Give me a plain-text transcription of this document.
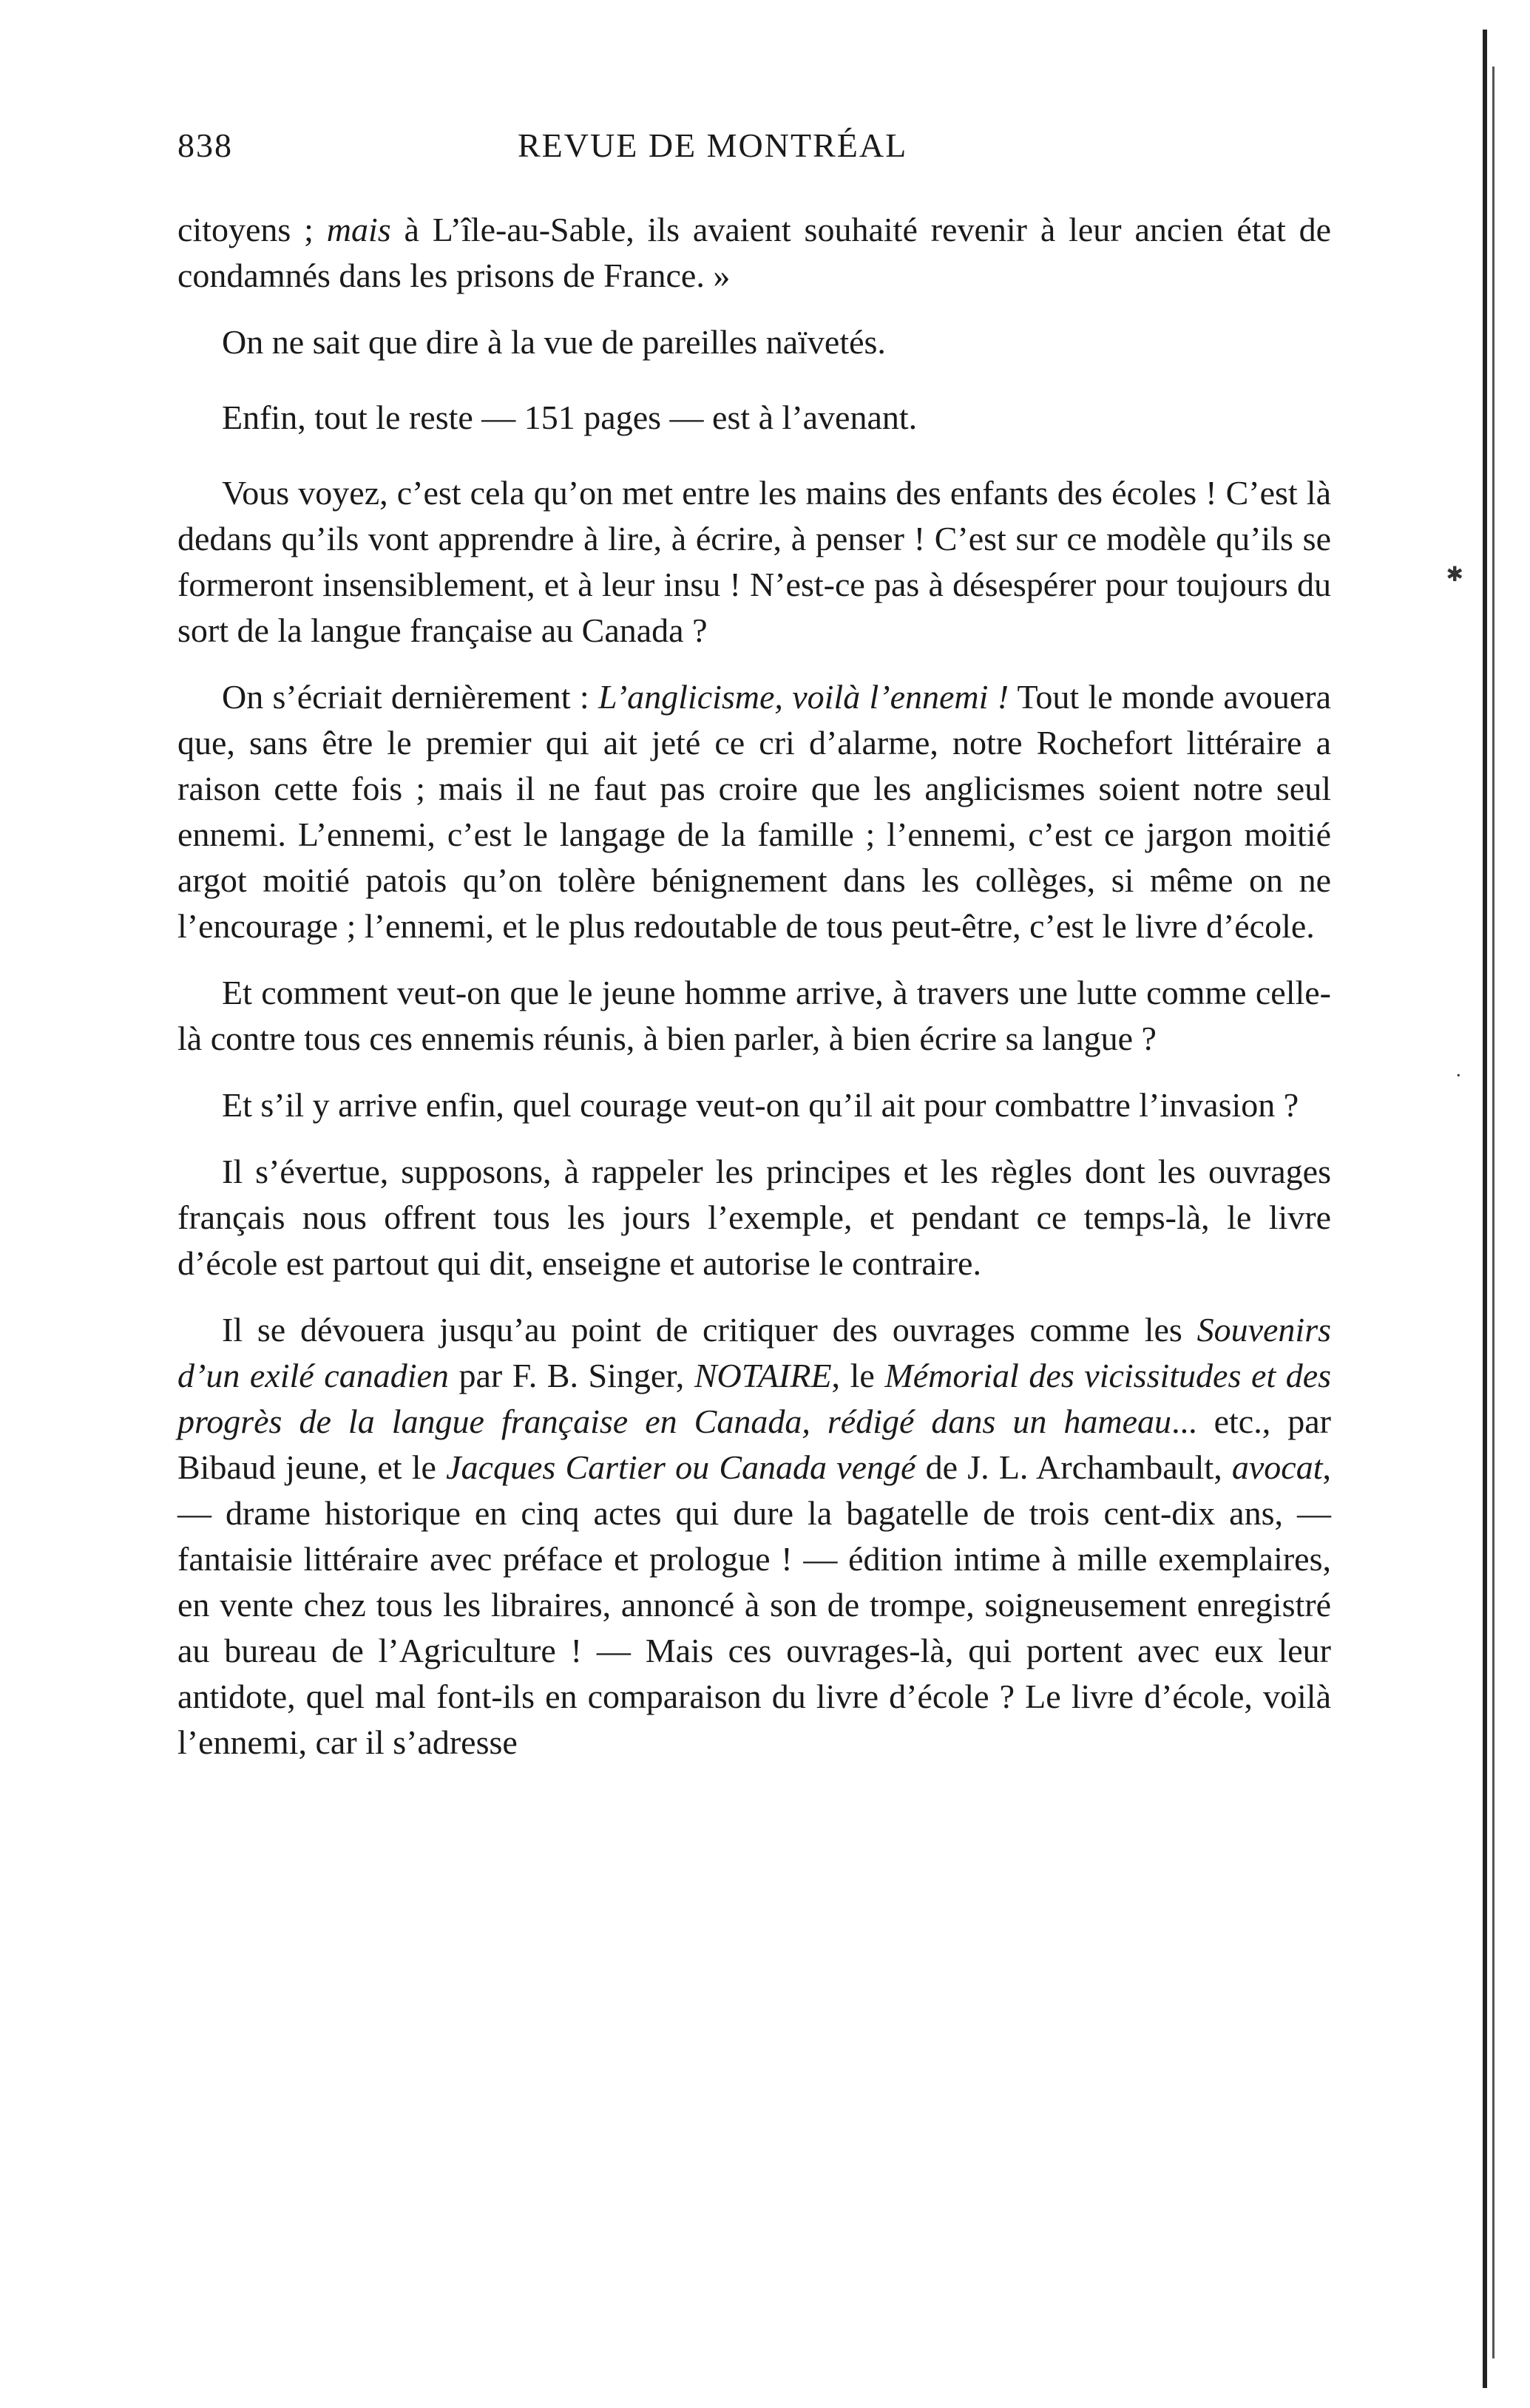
838	REVUE DE MONTRÉAL

citoyens ; mais à L’île-au-Sable, ils avaient souhaité revenir à leur ancien état de condamnés dans les prisons de France. »

On ne sait que dire à la vue de pareilles naïvetés.

Enfin, tout le reste — 151 pages — est à l’avenant.

Vous voyez, c’est cela qu’on met entre les mains des enfants des écoles ! C’est là dedans qu’ils vont apprendre à lire, à écrire, à penser ! C’est sur ce modèle qu’ils se formeront insensiblement, et à leur insu ! N’est-ce pas à désespérer pour toujours du sort de la langue française au Canada ?

On s’écriait dernièrement : L’anglicisme, voilà l’ennemi ! Tout le monde avouera que, sans être le premier qui ait jeté ce cri d’alarme, notre Rochefort littéraire a raison cette fois ; mais il ne faut pas croire que les anglicismes soient notre seul ennemi. L’ennemi, c’est le langage de la famille ; l’ennemi, c’est ce jargon moitié argot moitié patois qu’on tolère bénignement dans les collèges, si même on ne l’encourage ; l’ennemi, et le plus redoutable de tous peut-être, c’est le livre d’école.

Et comment veut-on que le jeune homme arrive, à travers une lutte comme celle-là contre tous ces ennemis réunis, à bien parler, à bien écrire sa langue ?

Et s’il y arrive enfin, quel courage veut-on qu’il ait pour combattre l’invasion ?

Il s’évertue, supposons, à rappeler les principes et les règles dont les ouvrages français nous offrent tous les jours l’exemple, et pendant ce temps-là, le livre d’école est partout qui dit, enseigne et autorise le contraire.

Il se dévouera jusqu’au point de critiquer des ouvrages comme les Souvenirs d’un exilé canadien par F. B. Singer, NOTAIRE, le Mémorial des vicissitudes et des progrès de la langue française en Canada, rédigé dans un hameau... etc., par Bibaud jeune, et le Jacques Cartier ou Canada vengé de J. L. Archambault, avocat, — drame historique en cinq actes qui dure la bagatelle de trois cent-dix ans, — fantaisie littéraire avec préface et prologue ! — édition intime à mille exemplaires, en vente chez tous les libraires, annoncé à son de trompe, soigneusement enregistré au bureau de l’Agriculture ! — Mais ces ouvrages-là, qui portent avec eux leur antidote, quel mal font-ils en comparaison du livre d’école ? Le livre d’école, voilà l’ennemi, car il s’adresse

✱
·
